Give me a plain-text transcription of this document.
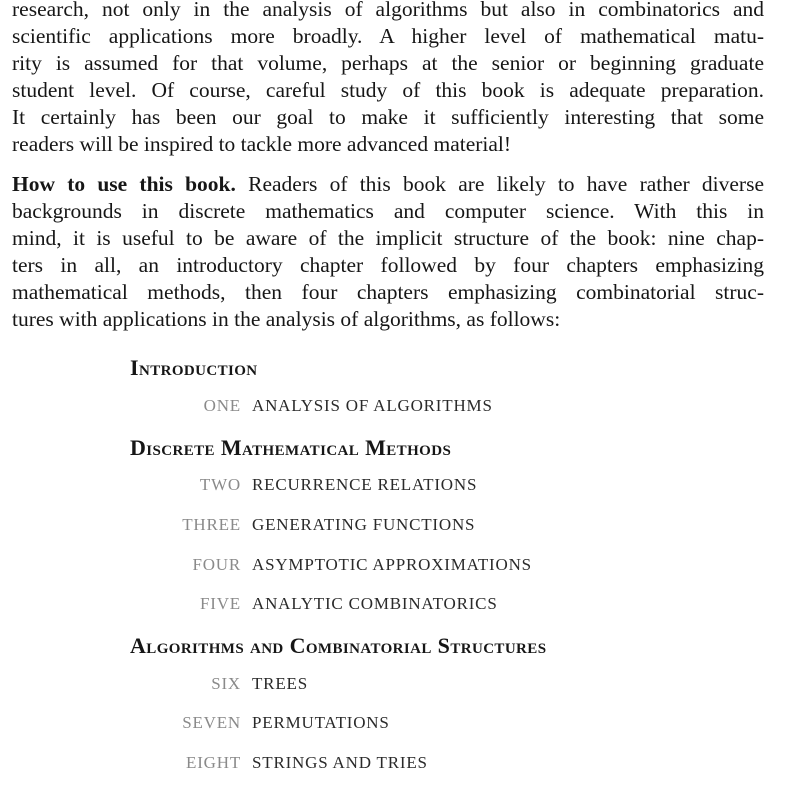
research, not only in the analysis of algorithms but also in combinatorics and
scientific applications more broadly. A higher level of mathematical matu-
rity is assumed for that volume, perhaps at the senior or beginning graduate
student level. Of course, careful study of this book is adequate preparation.
It certainly has been our goal to make it sufficiently interesting that some
readers will be inspired to tackle more advanced material!

How to use this book. Readers of this book are likely to have rather diverse
backgrounds in discrete mathematics and computer science. With this in
mind, it is useful to be aware of the implicit structure of the book: nine chap-
ters in all, an introductory chapter followed by four chapters emphasizing
mathematical methods, then four chapters emphasizing combinatorial struc-
tures with applications in the analysis of algorithms, as follows:

Introduction
ONE ANALYSIS OF ALGORITHMS
Discrete Mathematical Methods
TWO RECURRENCE RELATIONS
THREE GENERATING FUNCTIONS
FOUR ASYMPTOTIC APPROXIMATIONS
FIVE ANALYTIC COMBINATORICS
Algorithms and Combinatorial Structures
SIX TREES
SEVEN PERMUTATIONS
EIGHT STRINGS AND TRIES
